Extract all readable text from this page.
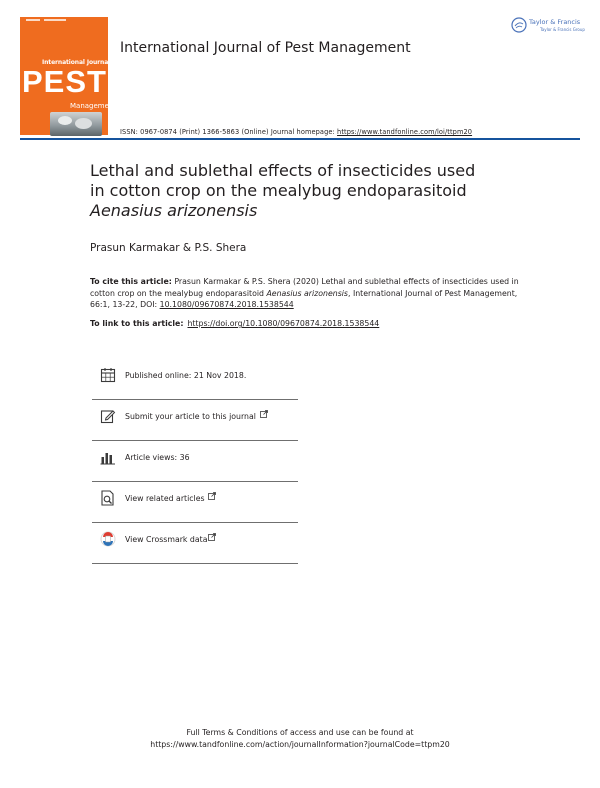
International Journal of
PEST
Management
International Journal of Pest Management
Taylor & Francis
Taylor & Francis Group
ISSN: 0967-0874 (Print) 1366-5863 (Online) Journal homepage: https://www.tandfonline.com/loi/ttpm20
Lethal and sublethal effects of insecticides used
in cotton crop on the mealybug endoparasitoid
Aenasius arizonensis
Prasun Karmakar & P.S. Shera
To cite this article: Prasun Karmakar & P.S. Shera (2020) Lethal and sublethal effects of insecticides used in cotton crop on the mealybug endoparasitoid Aenasius arizonensis, International Journal of Pest Management, 66:1, 13-22, DOI: 10.1080/09670874.2018.1538544
To link to this article: https://doi.org/10.1080/09670874.2018.1538544
Published online: 21 Nov 2018.
Submit your article to this journal
Article views: 36
View related articles
View Crossmark data
Full Terms & Conditions of access and use can be found at
https://www.tandfonline.com/action/journalInformation?journalCode=ttpm20
